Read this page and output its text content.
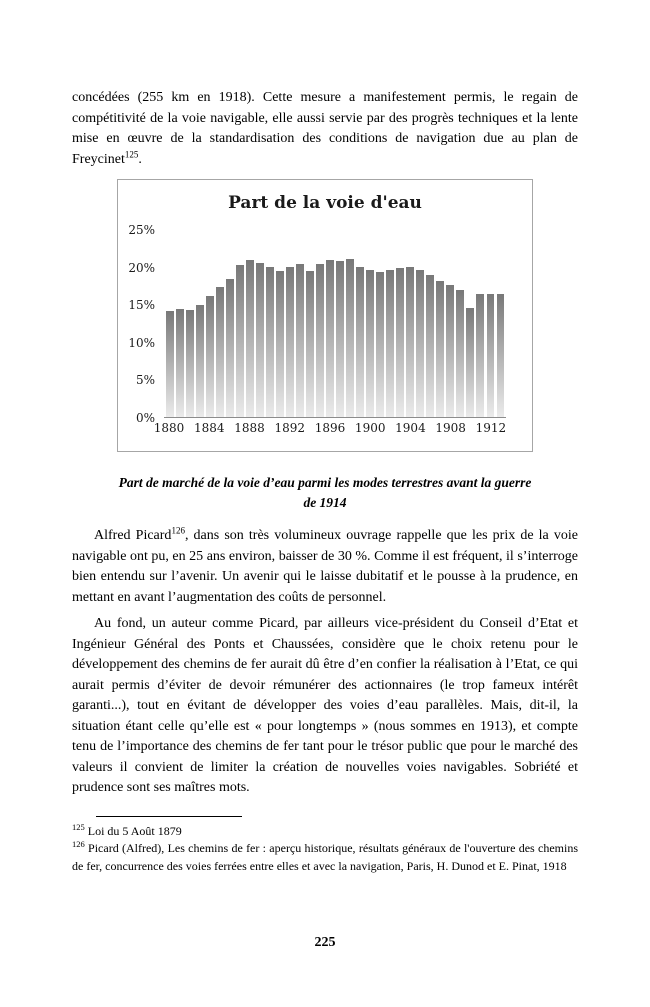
concédées (255 km en 1918). Cette mesure a manifestement permis, le regain de compétitivité de la voie navigable, elle aussi servie par des progrès techniques et la lente mise en œuvre de la standardisation des conditions de navigation due au plan de Freycinet$^{125}$.

Part de la voie d'eau
0%
5%
10%
15%
20%
25%
1880 1884 1888 1892 1896 1900 1904 1908 1912

Part de marché de la voie d’eau parmi les modes terrestres avant la guerre
de 1914

Alfred Picard$^{126}$, dans son très volumineux ouvrage rappelle que les prix de la voie navigable ont pu, en 25 ans environ, baisser de 30 %. Comme il est fréquent, il s’interroge bien entendu sur l’avenir. Un avenir qui le laisse dubitatif et le pousse à la prudence, en mettant en avant l’augmentation des coûts de personnel.

Au fond, un auteur comme Picard, par ailleurs vice-président du Conseil d’Etat et Ingénieur Général des Ponts et Chaussées, considère que le choix retenu pour le développement des chemins de fer aurait dû être d’en confier la réalisation à l’Etat, ce qui aurait permis d’éviter de devoir rémunérer des actionnaires (le trop fameux intérêt garanti...), tout en évitant de développer des voies d’eau parallèles. Mais, dit-il, la situation étant celle qu’elle est « pour longtemps » (nous sommes en 1913), et compte tenu de l’importance des chemins de fer tant pour le trésor public que pour le marché des valeurs il convient de limiter la création de nouvelles voies navigables. Sobriété et prudence sont ses maîtres mots.

$^{125}$ Loi du 5 Août 1879
$^{126}$ Picard (Alfred), Les chemins de fer : aperçu historique, résultats généraux de l'ouverture des chemins de fer, concurrence des voies ferrées entre elles et avec la navigation, Paris, H. Dunod et E. Pinat, 1918
225
